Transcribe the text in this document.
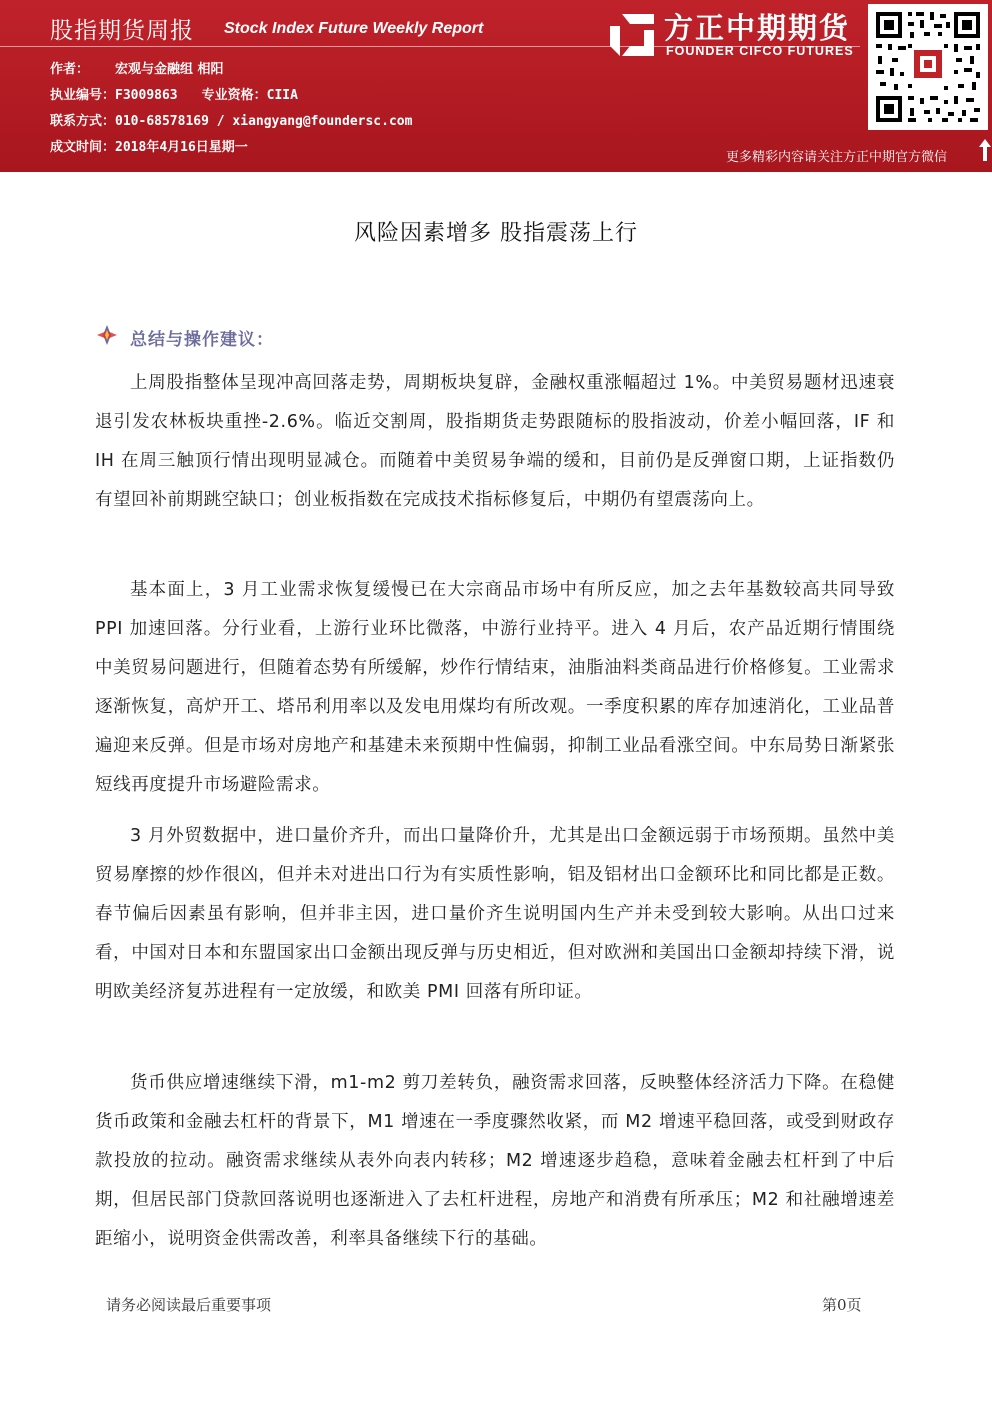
股指期货周报 Stock Index Future Weekly Report
作者： 宏观与金融组 相阳
执业编号：F3009863 专业资格：CIIA
联系方式：010-68578169 / xiangyang@foundersc.com
成文时间：2018年4月16日星期一
方正中期期货
FOUNDER CIFCO FUTURES
更多精彩内容请关注方正中期官方微信
风险因素增多 股指震荡上行
总结与操作建议：

上周股指整体呈现冲高回落走势，周期板块复辟，金融权重涨幅超过 1%。中美贸易题材迅速衰退引发农林板块重挫-2.6%。临近交割周，股指期货走势跟随标的股指波动，价差小幅回落，IF 和 IH 在周三触顶行情出现明显减仓。而随着中美贸易争端的缓和，目前仍是反弹窗口期，上证指数仍有望回补前期跳空缺口；创业板指数在完成技术指标修复后，中期仍有望震荡向上。

基本面上，3 月工业需求恢复缓慢已在大宗商品市场中有所反应，加之去年基数较高共同导致 PPI 加速回落。分行业看，上游行业环比微落，中游行业持平。进入 4 月后，农产品近期行情围绕中美贸易问题进行，但随着态势有所缓解，炒作行情结束，油脂油料类商品进行价格修复。工业需求逐渐恢复，高炉开工、塔吊利用率以及发电用煤均有所改观。一季度积累的库存加速消化，工业品普遍迎来反弹。但是市场对房地产和基建未来预期中性偏弱，抑制工业品看涨空间。中东局势日渐紧张短线再度提升市场避险需求。

3 月外贸数据中，进口量价齐升，而出口量降价升，尤其是出口金额远弱于市场预期。虽然中美贸易摩擦的炒作很凶，但并未对进出口行为有实质性影响，铝及铝材出口金额环比和同比都是正数。春节偏后因素虽有影响，但并非主因，进口量价齐生说明国内生产并未受到较大影响。从出口过来看，中国对日本和东盟国家出口金额出现反弹与历史相近，但对欧洲和美国出口金额却持续下滑，说明欧美经济复苏进程有一定放缓，和欧美 PMI 回落有所印证。

货币供应增速继续下滑，m1-m2 剪刀差转负，融资需求回落，反映整体经济活力下降。在稳健货币政策和金融去杠杆的背景下，M1 增速在一季度骤然收紧，而 M2 增速平稳回落，或受到财政存款投放的拉动。融资需求继续从表外向表内转移；M2 增速逐步趋稳，意味着金融去杠杆到了中后期，但居民部门贷款回落说明也逐渐进入了去杠杆进程，房地产和消费有所承压；M2 和社融增速差距缩小，说明资金供需改善，利率具备继续下行的基础。

请务必阅读最后重要事项	第0页
